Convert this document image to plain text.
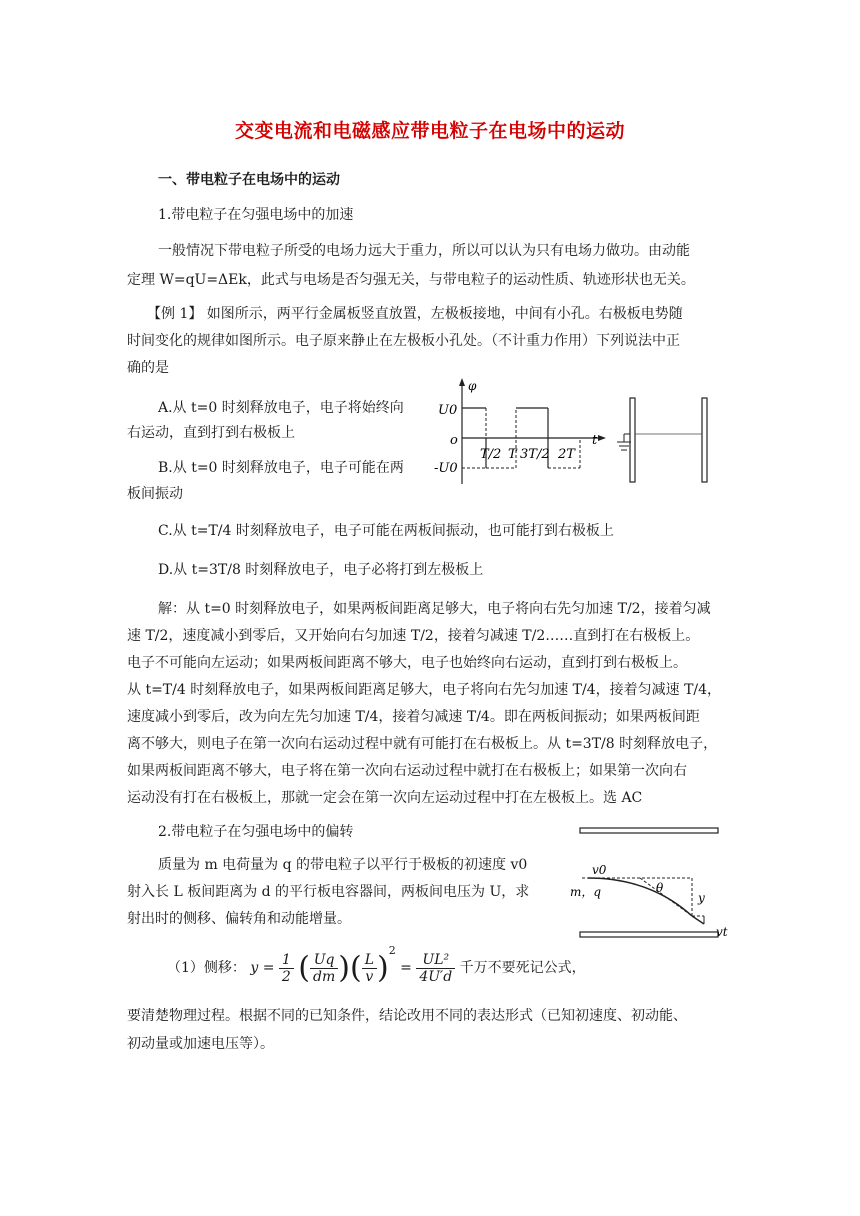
交变电流和电磁感应带电粒子在电场中的运动
一、带电粒子在电场中的运动
1.带电粒子在匀强电场中的加速
一般情况下带电粒子所受的电场力远大于重力，所以可以认为只有电场力做功。由动能
定理 W=qU=ΔEk，此式与电场是否匀强无关，与带电粒子的运动性质、轨迹形状也无关。
【例 1】 如图所示，两平行金属板竖直放置，左极板接地，中间有小孔。右极板电势随
时间变化的规律如图所示。电子原来静止在左极板小孔处。（不计重力作用）下列说法中正
确的是
A.从 t=0 时刻释放电子，电子将始终向
右运动，直到打到右极板上
B.从 t=0 时刻释放电子，电子可能在两
板间振动
φ
U0
-U0
o	t
T/2 T 3T/2 2T
C.从 t=T/4 时刻释放电子，电子可能在两板间振动，也可能打到右极板上
D.从 t=3T/8 时刻释放电子，电子必将打到左极板上
解：从 t=0 时刻释放电子，如果两板间距离足够大，电子将向右先匀加速 T/2，接着匀减
速 T/2，速度减小到零后，又开始向右匀加速 T/2，接着匀减速 T/2……直到打在右极板上。
电子不可能向左运动；如果两板间距离不够大，电子也始终向右运动，直到打到右极板上。
从 t=T/4 时刻释放电子，如果两板间距离足够大，电子将向右先匀加速 T/4，接着匀减速 T/4，
速度减小到零后，改为向左先匀加速 T/4，接着匀减速 T/4。即在两板间振动；如果两板间距
离不够大，则电子在第一次向右运动过程中就有可能打在右极板上。从 t=3T/8 时刻释放电子，
如果两板间距离不够大，电子将在第一次向右运动过程中就打在右极板上；如果第一次向右
运动没有打在右极板上，那就一定会在第一次向左运动过程中打在左极板上。选 AC
2.带电粒子在匀强电场中的偏转
质量为 m 电荷量为 q 的带电粒子以平行于极板的初速度 v0
射入长 L 板间距离为 d 的平行板电容器间，两板间电压为 U，求
射出时的侧移、偏转角和动能增量。
v0
m，q	θ
y
vt
（1）侧移： $y = \frac{1}{2}$ ( $\frac{Uq}{dm}$ )( $\frac{L}{v} )^2 = \frac{\text{UL²}}{4U'd}$ 千万不要死记公式，
要清楚物理过程。根据不同的已知条件，结论改用不同的表达形式（已知初速度、初动能、
初动量或加速电压等）。
